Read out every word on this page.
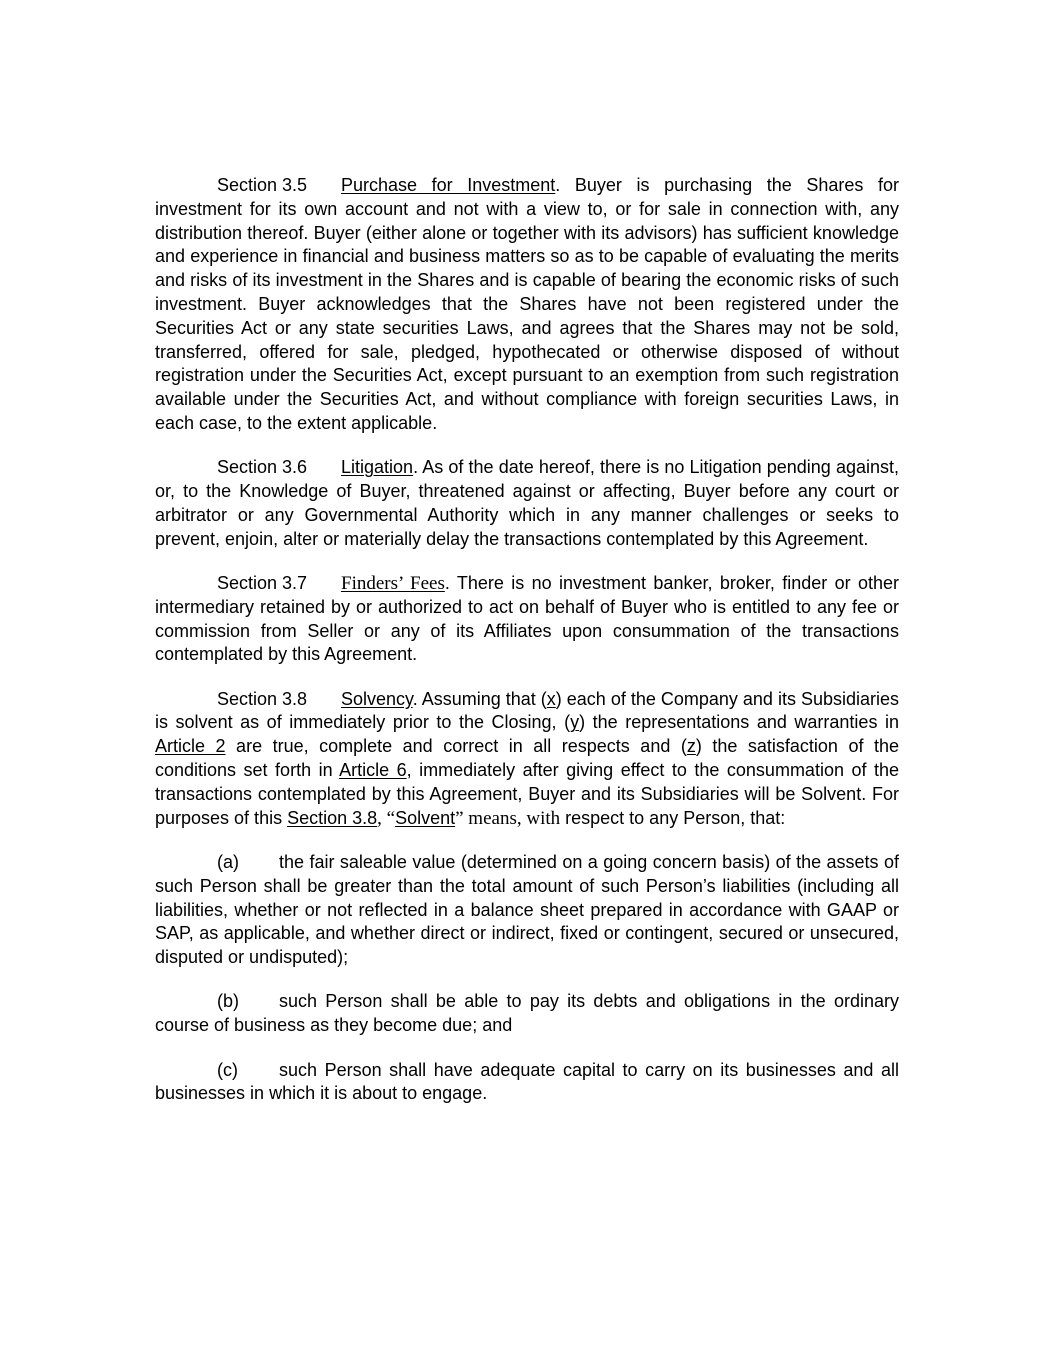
Section 3.5 Purchase for Investment. Buyer is purchasing the Shares for investment for its own account and not with a view to, or for sale in connection with, any distribution thereof. Buyer (either alone or together with its advisors) has sufficient knowledge and experience in financial and business matters so as to be capable of evaluating the merits and risks of its investment in the Shares and is capable of bearing the economic risks of such investment. Buyer acknowledges that the Shares have not been registered under the Securities Act or any state securities Laws, and agrees that the Shares may not be sold, transferred, offered for sale, pledged, hypothecated or otherwise disposed of without registration under the Securities Act, except pursuant to an exemption from such registration available under the Securities Act, and without compliance with foreign securities Laws, in each case, to the extent applicable.

Section 3.6 Litigation. As of the date hereof, there is no Litigation pending against, or, to the Knowledge of Buyer, threatened against or affecting, Buyer before any court or arbitrator or any Governmental Authority which in any manner challenges or seeks to prevent, enjoin, alter or materially delay the transactions contemplated by this Agreement.

Section 3.7 Finders’ Fees. There is no investment banker, broker, finder or other intermediary retained by or authorized to act on behalf of Buyer who is entitled to any fee or commission from Seller or any of its Affiliates upon consummation of the transactions contemplated by this Agreement.

Section 3.8 Solvency. Assuming that (x) each of the Company and its Subsidiaries is solvent as of immediately prior to the Closing, (y) the representations and warranties in Article 2 are true, complete and correct in all respects and (z) the satisfaction of the conditions set forth in Article 6, immediately after giving effect to the consummation of the transactions contemplated by this Agreement, Buyer and its Subsidiaries will be Solvent. For purposes of this Section 3.8, “Solvent” means, with respect to any Person, that:

(a) the fair saleable value (determined on a going concern basis) of the assets of such Person shall be greater than the total amount of such Person’s liabilities (including all liabilities, whether or not reflected in a balance sheet prepared in accordance with GAAP or SAP, as applicable, and whether direct or indirect, fixed or contingent, secured or unsecured, disputed or undisputed);

(b) such Person shall be able to pay its debts and obligations in the ordinary course of business as they become due; and

(c) such Person shall have adequate capital to carry on its businesses and all businesses in which it is about to engage.
